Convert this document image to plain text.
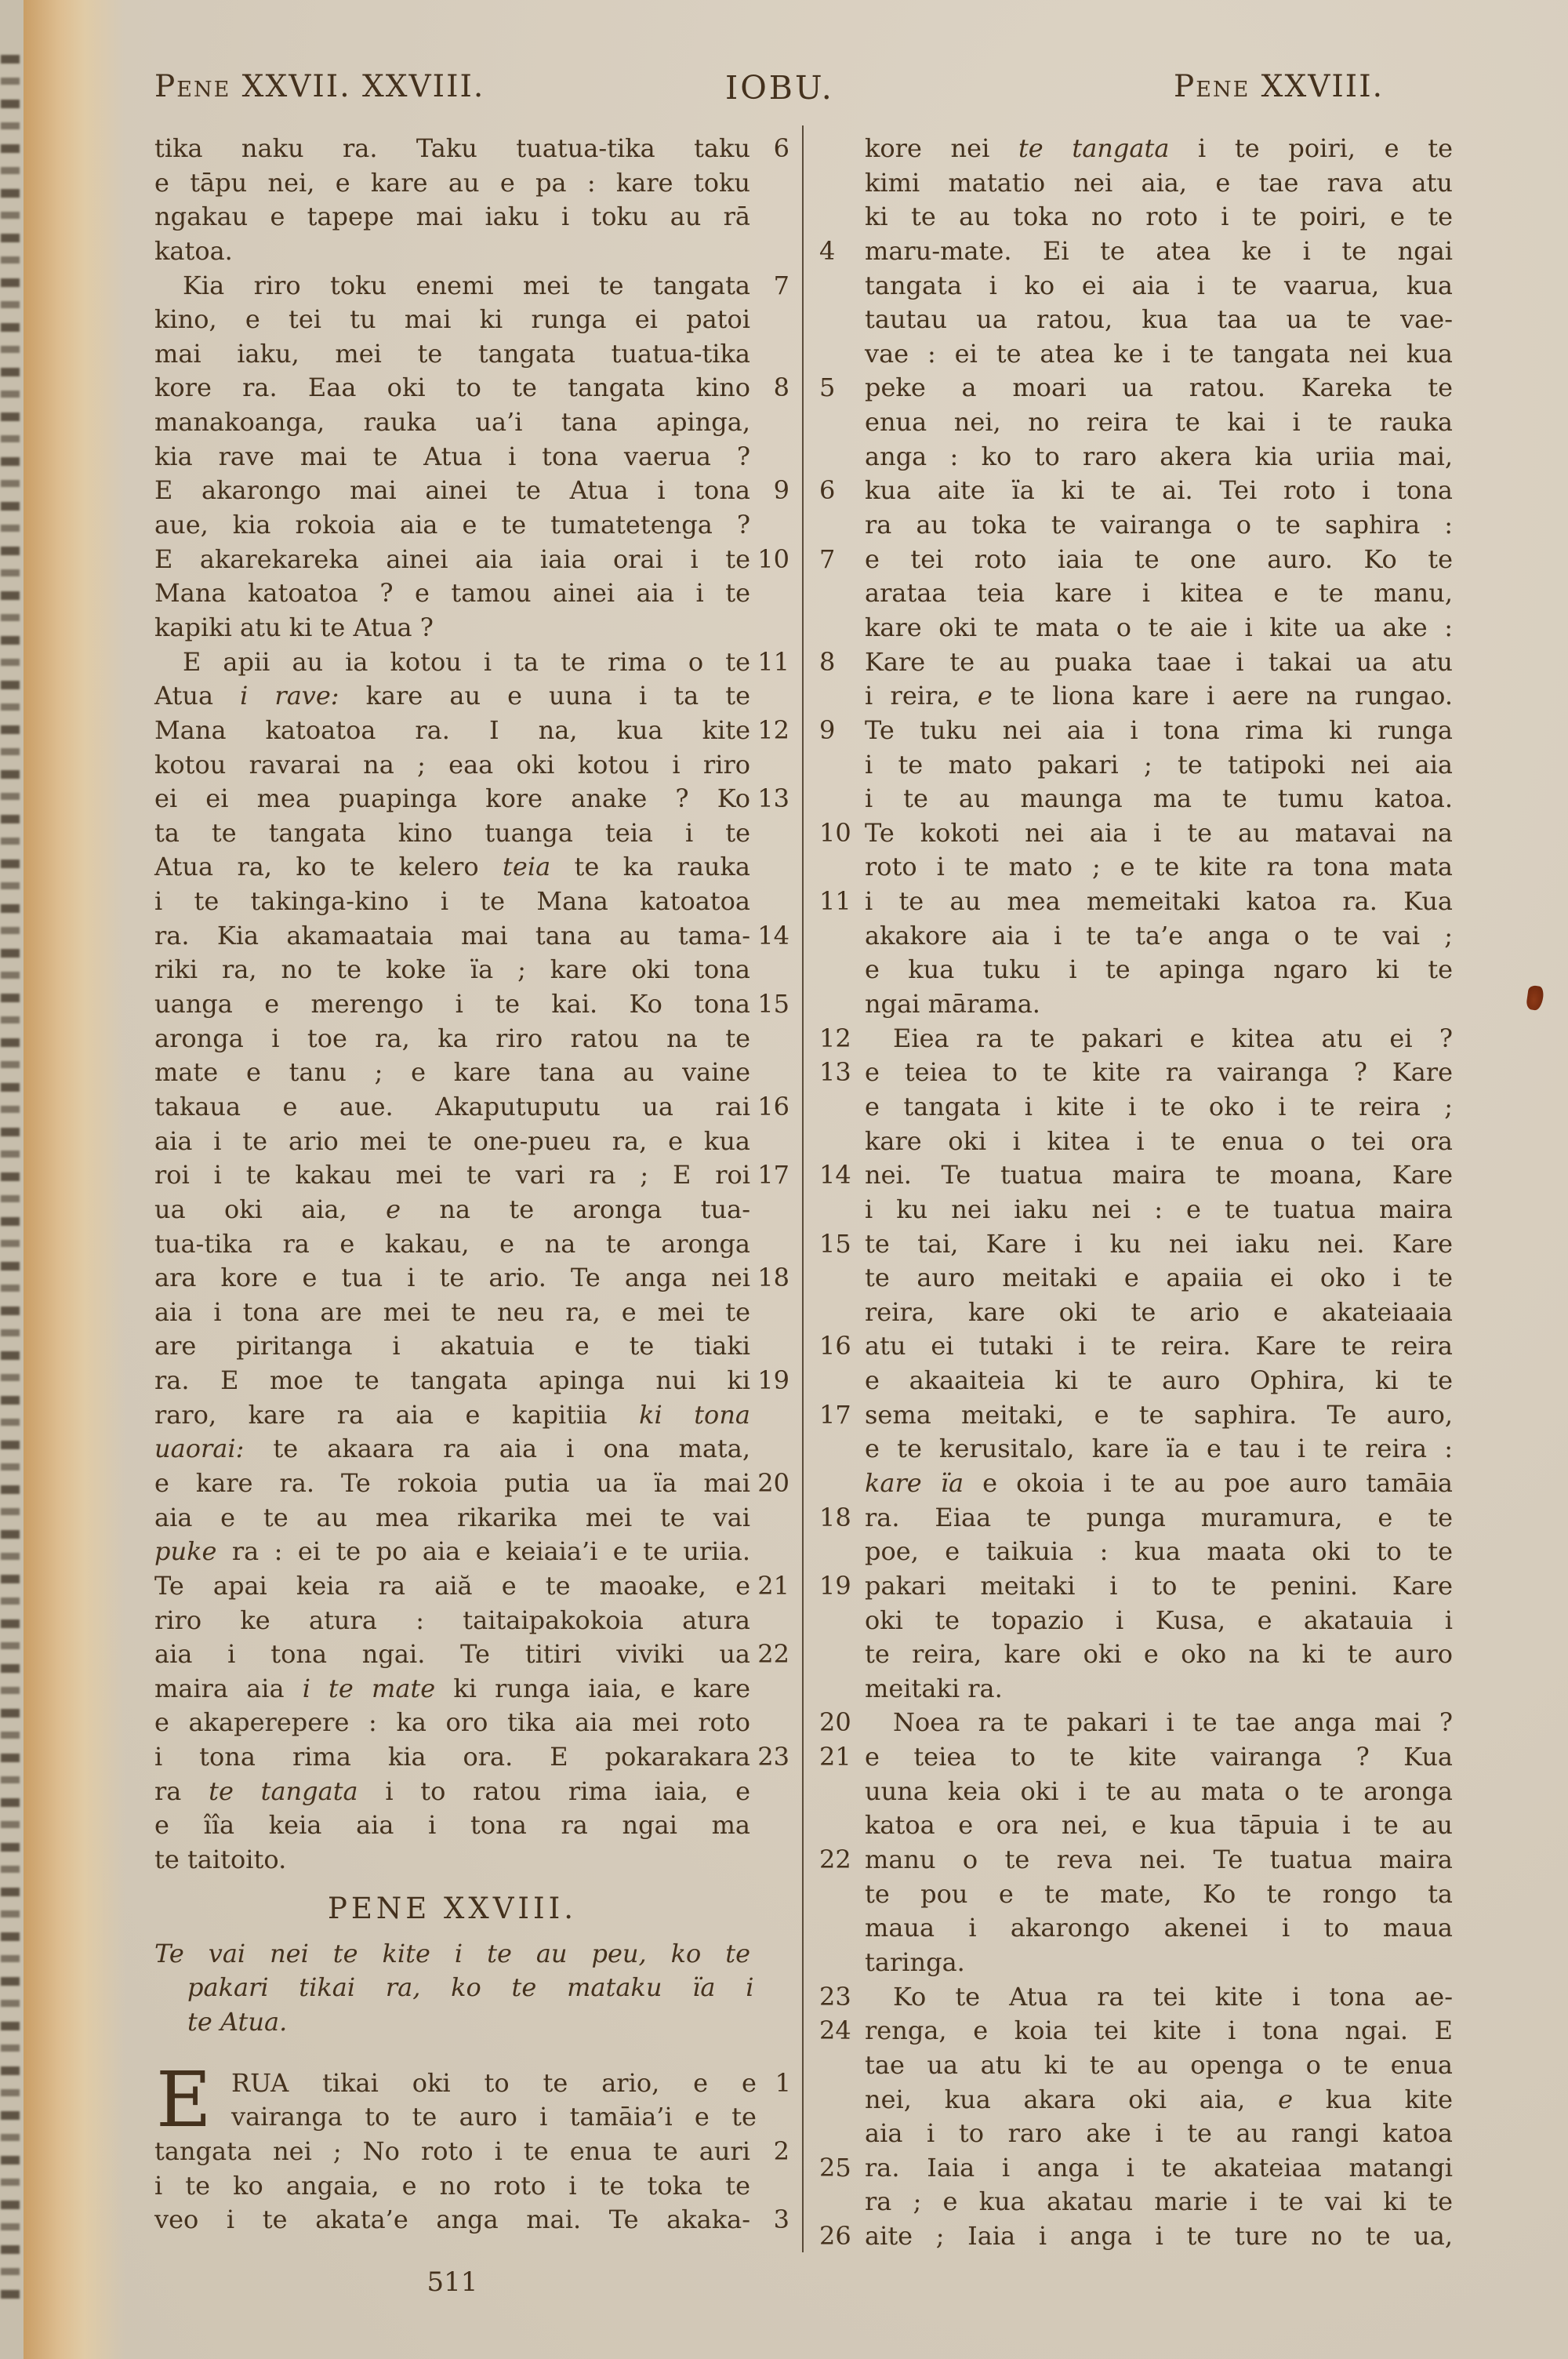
Pene XXVII. XXVIII.	IOBU.	Pene XXVIII.
tika naku ra. Taku tuatua-tika taku 6
e tāpu nei, e kare au e pa : kare toku
ngakau e tapepe mai iaku i toku au rā
katoa.
Kia riro toku enemi mei te tangata 7
kino, e tei tu mai ki runga ei patoi
mai iaku, mei te tangata tuatua-tika
kore ra. Eaa oki to te tangata kino 8
manakoanga, rauka ua’i tana apinga,
kia rave mai te Atua i tona vaerua ?
E akarongo mai ainei te Atua i tona 9
aue, kia rokoia aia e te tumatetenga ?
E akarekareka ainei aia iaia orai i te 10
Mana katoatoa ? e tamou ainei aia i te
kapiki atu ki te Atua ?
E apii au ia kotou i ta te rima o te 11
Atua i rave: kare au e uuna i ta te
Mana katoatoa ra. I na, kua kite 12
kotou ravarai na ; eaa oki kotou i riro
ei ei mea puapinga kore anake ? Ko 13
ta te tangata kino tuanga teia i te
Atua ra, ko te kelero teia te ka rauka
i te takinga-kino i te Mana katoatoa
ra. Kia akamaataia mai tana au tama- 14
riki ra, no te koke ïa ; kare oki tona
uanga e merengo i te kai. Ko tona 15
aronga i toe ra, ka riro ratou na te
mate e tanu ; e kare tana au vaine
takaua e aue. Akaputuputu ua rai 16
aia i te ario mei te one-pueu ra, e kua
roi i te kakau mei te vari ra ; E roi 17
ua oki aia, e na te aronga tua-
tua-tika ra e kakau, e na te aronga
ara kore e tua i te ario. Te anga nei 18
aia i tona are mei te neu ra, e mei te
are piritanga i akatuia e te tiaki
ra. E moe te tangata apinga nui ki 19
raro, kare ra aia e kapitiia ki tona
uaorai: te akaara ra aia i ona mata,
e kare ra. Te rokoia putia ua ïa mai 20
aia e te au mea rikarika mei te vai
puke ra : ei te po aia e keiaia’i e te uriia.
Te apai keia ra aiă e te maoake, e 21
riro ke atura : taitaipakokoia atura
aia i tona ngai. Te titiri viviki ua 22
maira aia i te mate ki runga iaia, e kare
e akaperepere : ka oro tika aia mei roto
i tona rima kia ora. E pokarakara 23
ra te tangata i to ratou rima iaia, e
e îîa keia aia i tona ra ngai ma
te taitoito.
PENE XXVIII.
Te vai nei te kite i te au peu, ko te
pakari tikai ra, ko te mataku ïa i
te Atua.
RUA tikai oki to te ario, e e 1
E vairanga to te auro i tamāia’i e te
tangata nei ; No roto i te enua te auri 2
i te ko angaia, e no roto i te toka te
veo i te akata’e anga mai. Te akaka- 3
kore nei te tangata i te poiri, e te
kimi matatio nei aia, e tae rava atu
ki te au toka no roto i te poiri, e te
4	maru-mate. Ei te atea ke i te ngai
tangata i ko ei aia i te vaarua, kua
tautau ua ratou, kua taa ua te vae-
vae : ei te atea ke i te tangata nei kua
5	peke a moari ua ratou. Kareka te
enua nei, no reira te kai i te rauka
anga : ko to raro akera kia uriia mai,
6	kua aite ïa ki te ai. Tei roto i tona
ra au toka te vairanga o te saphira :
7	e tei roto iaia te one auro. Ko te
arataa teia kare i kitea e te manu,
kare oki te mata o te aie i kite ua ake :
8	Kare te au puaka taae i takai ua atu
i reira, e te liona kare i aere na rungao.
9	Te tuku nei aia i tona rima ki runga
i te mato pakari ; te tatipoki nei aia
i te au maunga ma te tumu katoa.
10 Te kokoti nei aia i te au matavai na
roto i te mato ; e te kite ra tona mata
11 i te au mea memeitaki katoa ra. Kua
akakore aia i te ta’e anga o te vai ;
e kua tuku i te apinga ngaro ki te
ngai mārama.
12	Eiea ra te pakari e kitea atu ei ?
13 e teiea to te kite ra vairanga ? Kare
e tangata i kite i te oko i te reira ;
kare oki i kitea i te enua o tei ora
14 nei. Te tuatua maira te moana, Kare
i ku nei iaku nei : e te tuatua maira
15 te tai, Kare i ku nei iaku nei. Kare
te auro meitaki e apaiia ei oko i te
reira, kare oki te ario e akateiaaia
16 atu ei tutaki i te reira. Kare te reira
e akaaiteia ki te auro Ophira, ki te
17 sema meitaki, e te saphira. Te auro,
e te kerusitalo, kare ïa e tau i te reira :
kare ïa e okoia i te au poe auro tamāia
18 ra. Eiaa te punga muramura, e te
poe, e taikuia : kua maata oki to te
19 pakari meitaki i to te penini. Kare
oki te topazio i Kusa, e akatauia i
te reira, kare oki e oko na ki te auro
meitaki ra.
20	Noea ra te pakari i te tae anga mai ?
21 e teiea to te kite vairanga ? Kua
uuna keia oki i te au mata o te aronga
katoa e ora nei, e kua tāpuia i te au
22 manu o te reva nei. Te tuatua maira
te pou e te mate, Ko te rongo ta
maua i akarongo akenei i to maua
taringa.
23	Ko te Atua ra tei kite i tona ae-
24 renga, e koia tei kite i tona ngai. E
tae ua atu ki te au openga o te enua
nei, kua akara oki aia, e kua kite
aia i to raro ake i te au rangi katoa
25 ra. Iaia i anga i te akateiaa matangi
ra ; e kua akatau marie i te vai ki te
26 aite ; Iaia i anga i te ture no te ua,
511
